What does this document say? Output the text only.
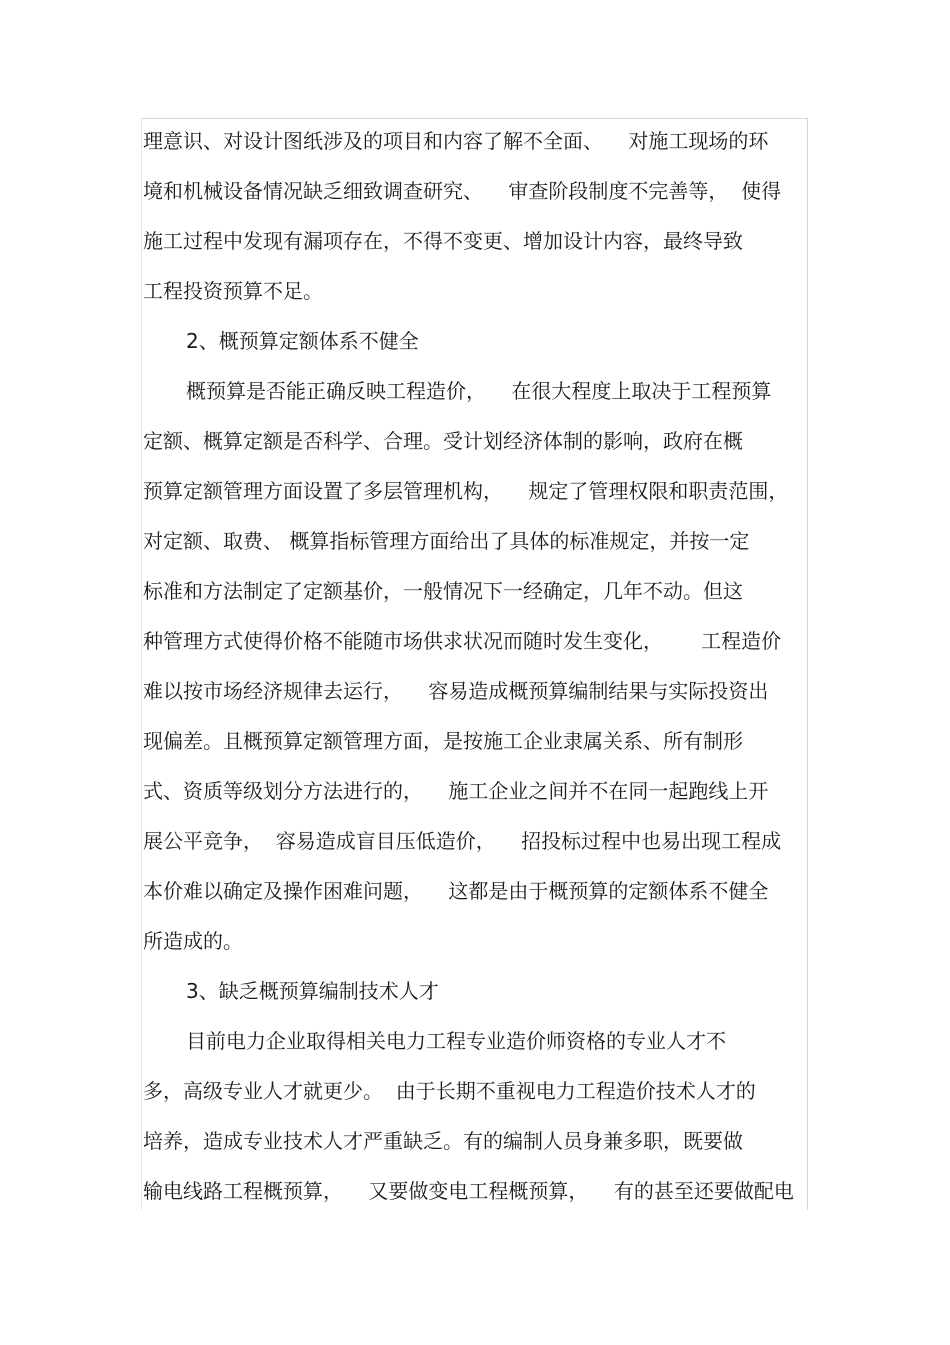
理意识、对设计图纸涉及的项目和内容了解不全面、    对施工现场的环
境和机械设备情况缺乏细致调查研究、    审查阶段制度不完善等，  使得
施工过程中发现有漏项存在，不得不变更、增加设计内容，最终导致
工程投资预算不足。
2、概预算定额体系不健全
概预算是否能正确反映工程造价，    在很大程度上取决于工程预算
定额、概算定额是否科学、合理。受计划经济体制的影响，政府在概
预算定额管理方面设置了多层管理机构，    规定了管理权限和职责范围，
对定额、取费、 概算指标管理方面给出了具体的标准规定，并按一定
标准和方法制定了定额基价，一般情况下一经确定，几年不动。但这
种管理方式使得价格不能随市场供求状况而随时发生变化，      工程造价
难以按市场经济规律去运行，    容易造成概预算编制结果与实际投资出
现偏差。且概预算定额管理方面，是按施工企业隶属关系、所有制形
式、资质等级划分方法进行的，    施工企业之间并不在同一起跑线上开
展公平竞争，  容易造成盲目压低造价，    招投标过程中也易出现工程成
本价难以确定及操作困难问题，    这都是由于概预算的定额体系不健全
所造成的。
3、缺乏概预算编制技术人才
目前电力企业取得相关电力工程专业造价师资格的专业人才不
多，高级专业人才就更少。  由于长期不重视电力工程造价技术人才的
培养，造成专业技术人才严重缺乏。有的编制人员身兼多职，既要做
输电线路工程概预算，    又要做变电工程概预算，    有的甚至还要做配电
